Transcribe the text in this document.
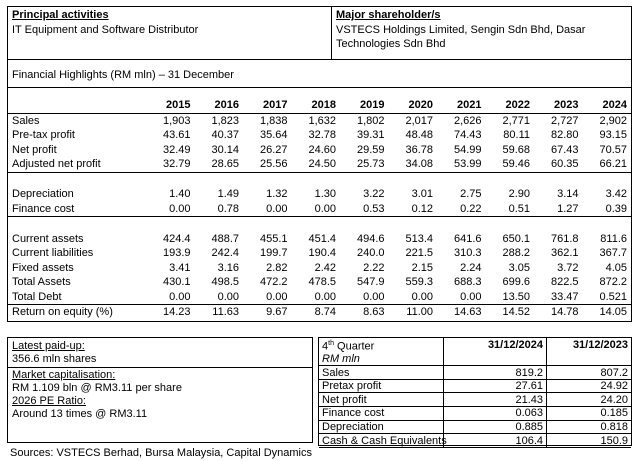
Principal activities
IT Equipment and Software Distributor
Major shareholder/s
VSTECS Holdings Limited, Sengin Sdn Bhd, Dasar
Technologies Sdn Bhd
Financial Highlights (RM mln) – 31 December
	2015	2016	2017	2018	2019	2020	2021	2022	2023	2024
Sales	1,903	1,823	1,838	1,632	1,802	2,017	2,626	2,771	2,727	2,902
Pre-tax profit	43.61	40.37	35.64	32.78	39.31	48.48	74.43	80.11	82.80	93.15
Net profit	32.49	30.14	26.27	24.60	29.59	36.78	54.99	59.68	67.43	70.57
Adjusted net profit	32.79	28.65	25.56	24.50	25.73	34.08	53.99	59.46	60.35	66.21

Depreciation	1.40	1.49	1.32	1.30	3.22	3.01	2.75	2.90	3.14	3.42
Finance cost	0.00	0.78	0.00	0.00	0.53	0.12	0.22	0.51	1.27	0.39

Current assets	424.4	488.7	455.1	451.4	494.6	513.4	641.6	650.1	761.8	811.6
Current liabilities	193.9	242.4	199.7	190.4	240.0	221.5	310.3	288.2	362.1	367.7
Fixed assets	3.41	3.16	2.82	2.42	2.22	2.15	2.24	3.05	3.72	4.05
Total Assets	430.1	498.5	472.2	478.5	547.9	559.3	688.3	699.6	822.5	872.2
Total Debt	0.00	0.00	0.00	0.00	0.00	0.00	0.00	13.50	33.47	0.521
Return on equity (%)	14.23	11.63	9.67	8.74	8.63	11.00	14.63	14.52	14.78	14.05
Latest paid-up:
356.6 mln shares
Market capitalisation:
RM 1.109 bln @ RM3.11 per share
2026 PE Ratio:
Around 13 times @ RM3.11
4th Quarter	31/12/2024	31/12/2023
RM mln		
Sales	819.2	807.2
Pretax profit	27.61	24.92
Net profit	21.43	24.20
Finance cost	0.063	0.185
Depreciation	0.885	0.818
Cash & Cash Equivalents	106.4	150.9
Sources: VSTECS Berhad, Bursa Malaysia, Capital Dynamics
